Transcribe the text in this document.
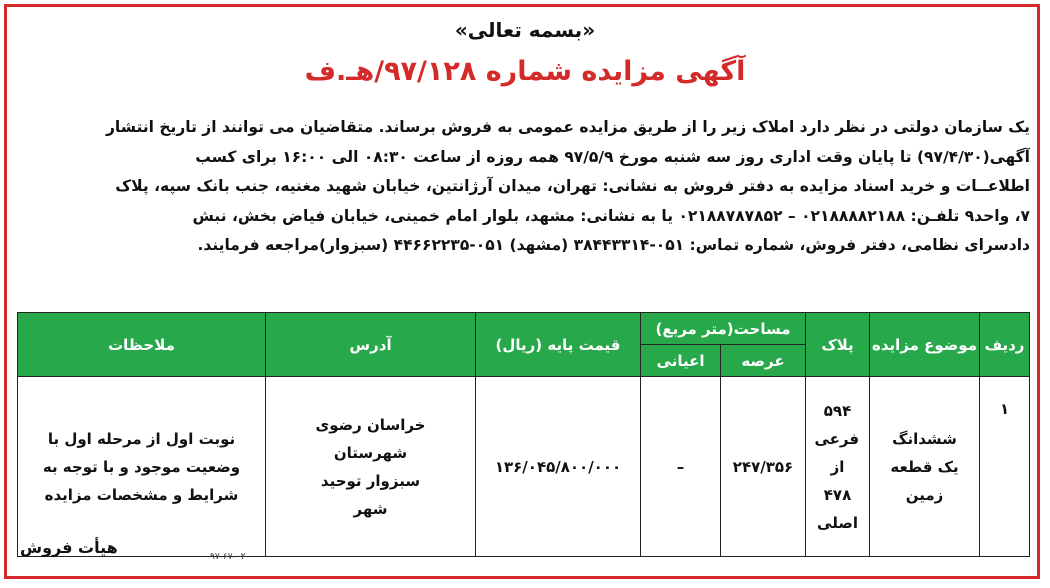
«بسمه تعالی»
آگهی مزایده شماره ۹۷/۱۲۸/هـ.ف
یک سازمان دولتی در نظر دارد املاک زیر را از طریق مزایده عمومی به فروش برساند. متقاضیان می توانند از تاریخ انتشار
آگهی(۹۷/۴/۳۰) تا پایان وقت اداری روز سه شنبه مورخ ۹۷/۵/۹ همه روزه از ساعت ۰۸:۳۰ الی ۱۶:۰۰ برای کسب
اطلاعــات و خرید اسناد مزایده به دفتر فروش به نشانی: تهران، میدان آرژانتین، خیابان شهید مغنیه، جنب بانک سپه، پلاک
۷، واحد۹ تلفـن: ۰۲۱۸۸۸۸۲۱۸۸ – ۰۲۱۸۸۷۸۷۸۵۲ یا به نشانی: مشهد، بلوار امام خمینی، خیابان فیاض بخش، نبش
دادسرای نظامی، دفتر فروش، شماره تماس: ۰۵۱-۳۸۴۴۳۳۱۴ (مشهد) ۰۵۱-۴۴۶۶۲۲۳۵ (سبزوار)مراجعه فرمایند.
ردیف	موضوع مزایده	پلاک	مساحت(متر مربع)		قیمت پایه (ریال)	آدرس	ملاحظات
			عرصه	اعیانی			
۱	ششدانگ یک قطعه زمین	۵۹۴ فرعی از ۴۷۸ اصلی	۲۴۷/۳۵۶	–	۱۳۶/۰۴۵/۸۰۰/۰۰۰	خراسان رضوی شهرستان سبزوار توحید شهر	نوبت اول از مرحله اول با وضعیت موجود و با توجه به شرایط و مشخصات مزایده
هیأت فروش	۹۷-۶۷-۰۲
